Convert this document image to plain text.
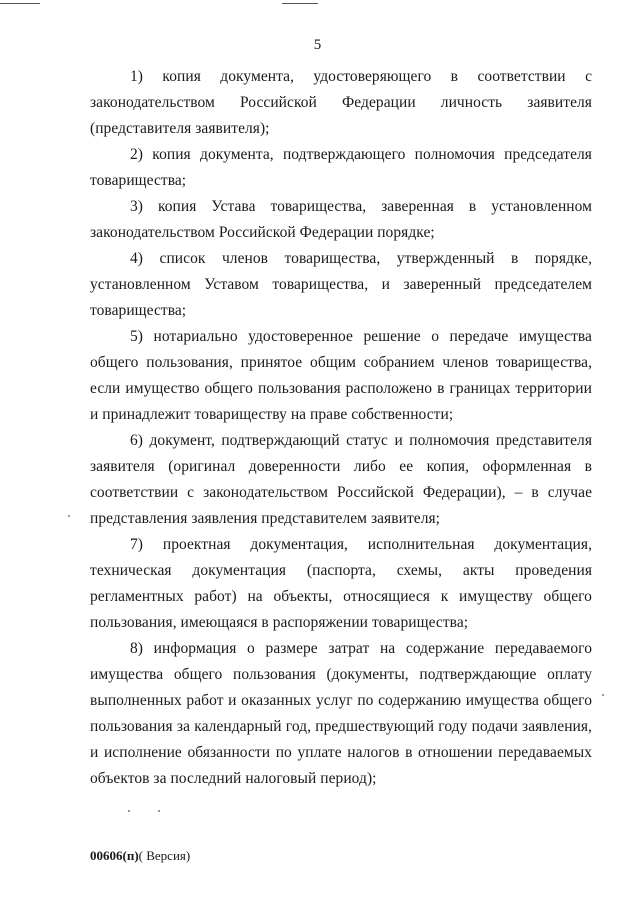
5

1) копия документа, удостоверяющего в соответствии с законодательством Российской Федерации личность заявителя (представителя заявителя);

2) копия документа, подтверждающего полномочия председателя товарищества;

3) копия Устава товарищества, заверенная в установленном законодательством Российской Федерации порядке;

4) список членов товарищества, утвержденный в порядке, установленном Уставом товарищества, и заверенный председателем товарищества;

5) нотариально удостоверенное решение о передаче имущества общего пользования, принятое общим собранием членов товарищества, если имущество общего пользования расположено в границах территории и принадлежит товариществу на праве собственности;

6) документ, подтверждающий статус и полномочия представителя заявителя (оригинал доверенности либо ее копия, оформленная в соответствии с законодательством Российской Федерации), – в случае представления заявления представителем заявителя;

7) проектная документация, исполнительная документация, техническая документация (паспорта, схемы, акты проведения регламентных работ) на объекты, относящиеся к имуществу общего пользования, имеющаяся в распоряжении товарищества;

8) информация о размере затрат на содержание передаваемого имущества общего пользования (документы, подтверждающие оплату выполненных работ и оказанных услуг по содержанию имущества общего пользования за календарный год, предшествующий году подачи заявления, и исполнение обязанности по уплате налогов в отношении передаваемых объектов за последний налоговый период);

00606(п)( Версия)
